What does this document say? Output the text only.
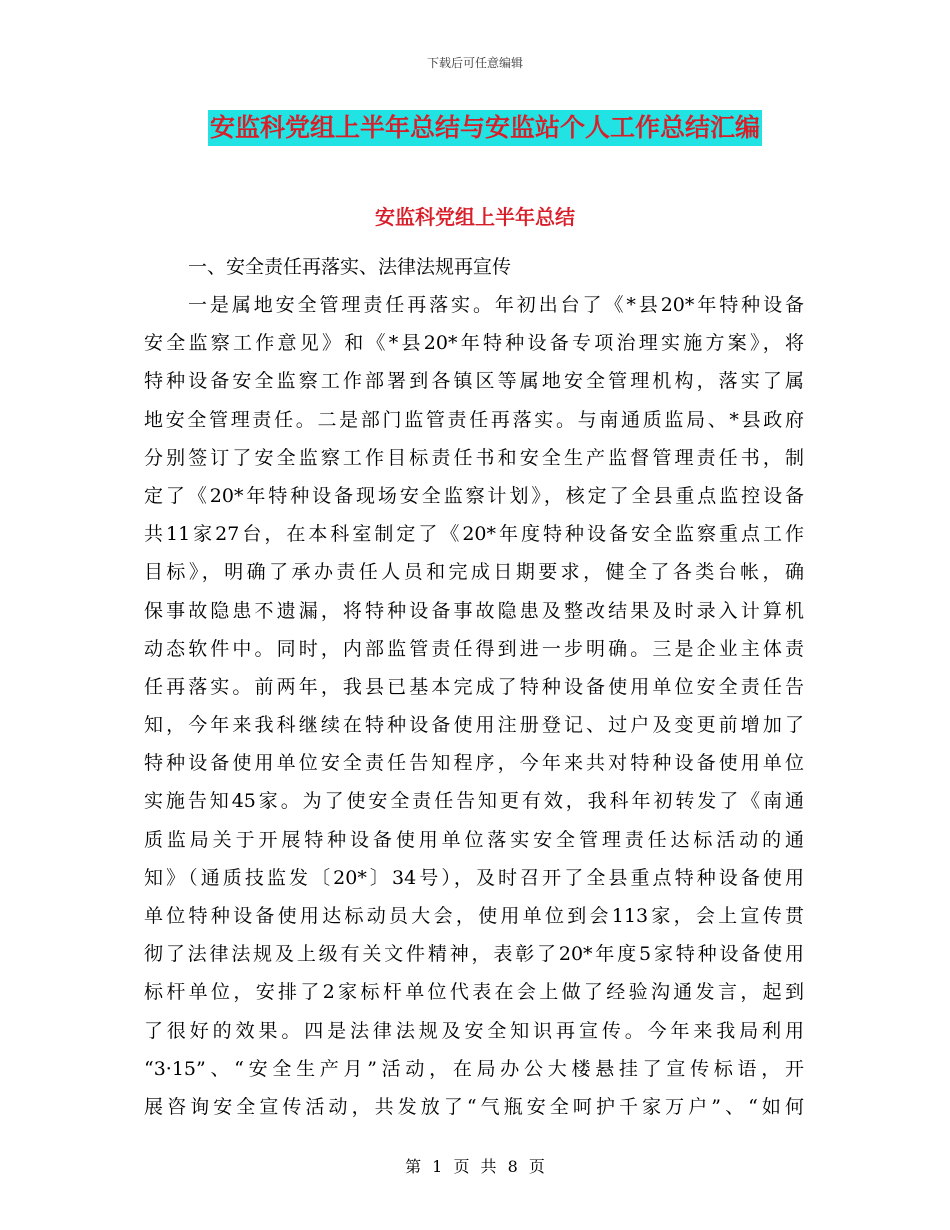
下载后可任意编辑
安监科党组上半年总结与安监站个人工作总结汇编
安监科党组上半年总结
一、安全责任再落实、法律法规再宣传
一是属地安全管理责任再落实。年初出台了《*县20*年特种设备
安全监察工作意见》和《*县20*年特种设备专项治理实施方案》，将
特种设备安全监察工作部署到各镇区等属地安全管理机构，落实了属
地安全管理责任。二是部门监管责任再落实。与南通质监局、*县政府
分别签订了安全监察工作目标责任书和安全生产监督管理责任书，制
定了《20*年特种设备现场安全监察计划》，核定了全县重点监控设备
共11家27台，在本科室制定了《20*年度特种设备安全监察重点工作
目标》，明确了承办责任人员和完成日期要求，健全了各类台帐，确
保事故隐患不遗漏，将特种设备事故隐患及整改结果及时录入计算机
动态软件中。同时，内部监管责任得到进一步明确。三是企业主体责
任再落实。前两年，我县已基本完成了特种设备使用单位安全责任告
知，今年来我科继续在特种设备使用注册登记、过户及变更前增加了
特种设备使用单位安全责任告知程序，今年来共对特种设备使用单位
实施告知45家。为了使安全责任告知更有效，我科年初转发了《南通
质监局关于开展特种设备使用单位落实安全管理责任达标活动的通
知》（通质技监发〔20*〕34号），及时召开了全县重点特种设备使用
单位特种设备使用达标动员大会，使用单位到会113家，会上宣传贯
彻了法律法规及上级有关文件精神，表彰了20*年度5家特种设备使用
标杆单位，安排了2家标杆单位代表在会上做了经验沟通发言，起到
了很好的效果。四是法律法规及安全知识再宣传。今年来我局利用
“3·15”、“安全生产月”活动，在局办公大楼悬挂了宣传标语，开
展咨询安全宣传活动，共发放了“气瓶安全呵护千家万户”、“如何
第 1 页 共 8 页
